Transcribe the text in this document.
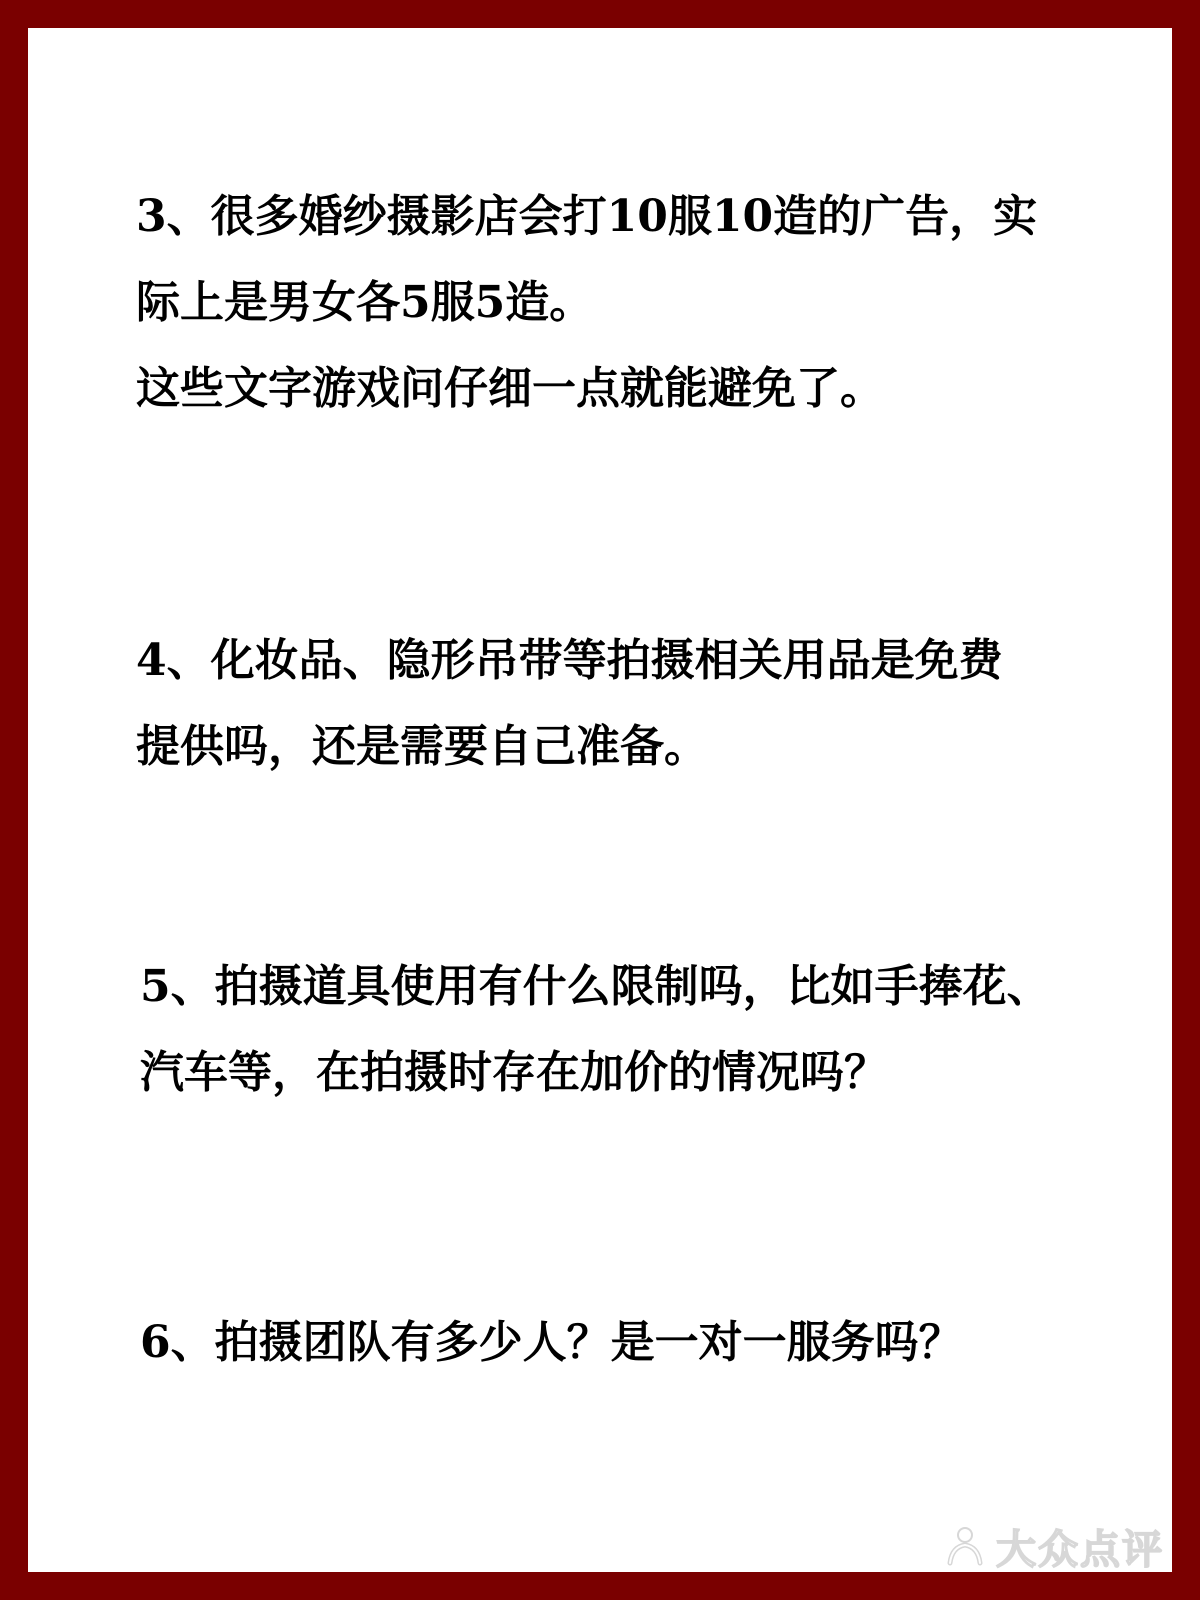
3、很多婚纱摄影店会打10服10造的广告，实
际上是男女各5服5造。
这些文字游戏问仔细一点就能避免了。
4、化妆品、隐形吊带等拍摄相关用品是免费
提供吗，还是需要自己准备。
5、拍摄道具使用有什么限制吗，比如手捧花、
汽车等，在拍摄时存在加价的情况吗？
6、拍摄团队有多少人？是一对一服务吗？
大众点评
